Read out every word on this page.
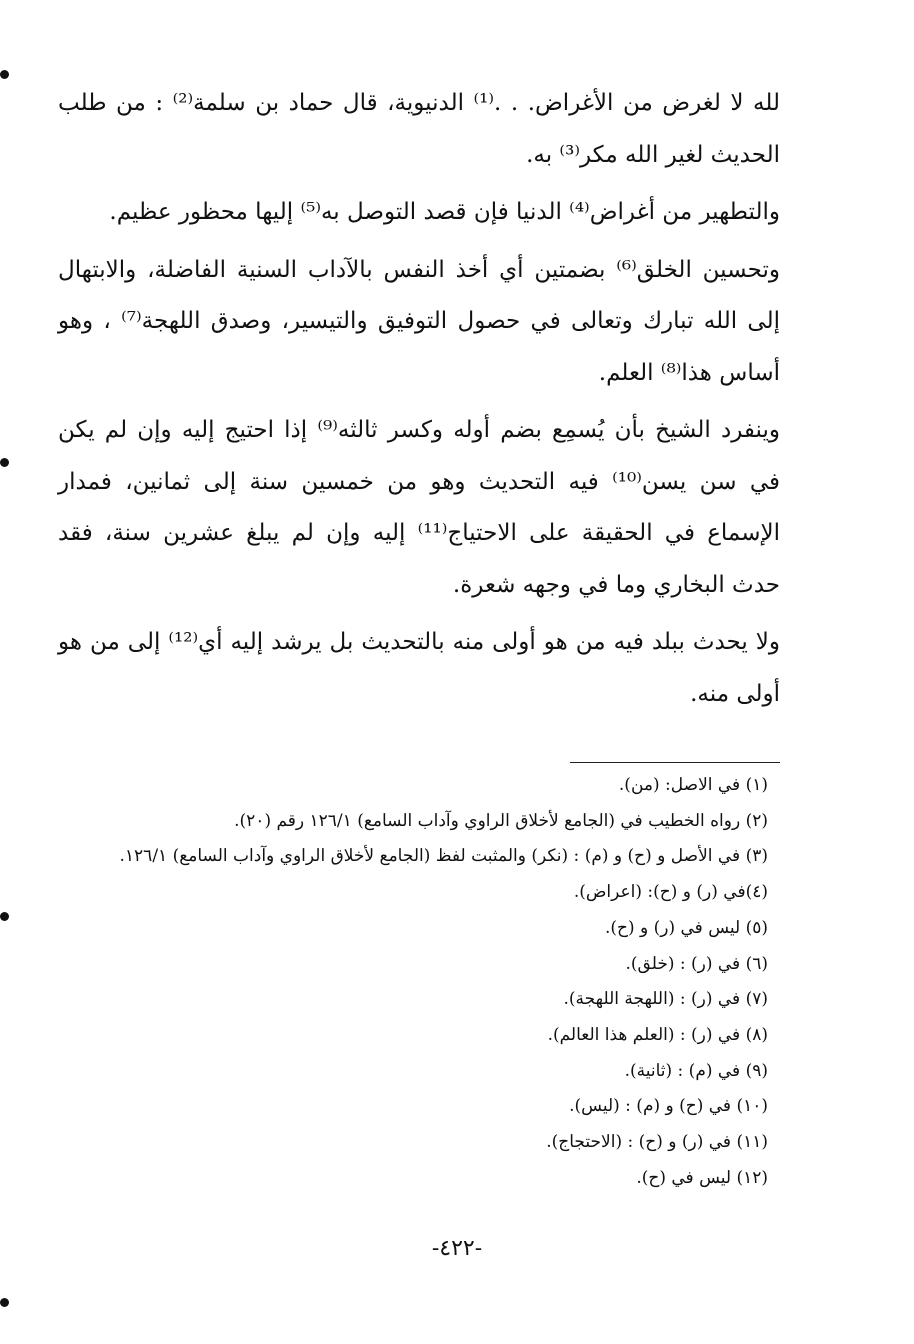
لله لا لغرض من الأغراض. . .⁽¹⁾ الدنيوية، قال حماد بن سلمة⁽²⁾ : من طلب الحديث لغير الله مكر⁽³⁾ به.

والتطهير من أغراض⁽⁴⁾ الدنيا فإن قصد التوصل به⁽⁵⁾ إليها محظور عظيم.

وتحسين الخلق⁽⁶⁾ بضمتين أي أخذ النفس بالآداب السنية الفاضلة، والابتهال إلى الله تبارك وتعالى في حصول التوفيق والتيسير، وصدق اللهجة⁽⁷⁾ ، وهو أساس هذا⁽⁸⁾ العلم.

وينفرد الشيخ بأن يُسمِع بضم أوله وكسر ثالثه⁽⁹⁾ إذا احتيج إليه وإن لم يكن في سن يسن⁽¹⁰⁾ فيه التحديث وهو من خمسين سنة إلى ثمانين، فمدار الإسماع في الحقيقة على الاحتياج⁽¹¹⁾ إليه وإن لم يبلغ عشرين سنة، فقد حدث البخاري وما في وجهه شعرة.

ولا يحدث ببلد فيه من هو أولى منه بالتحديث بل يرشد إليه أي⁽¹²⁾ إلى من هو أولى منه.

(١) في الاصل: (من).

(٢) رواه الخطيب في (الجامع لأخلاق الراوي وآداب السامع) ١٢٦/١ رقم (٢٠).

(٣) في الأصل و (ح) و (م) : (نكر) والمثبت لفظ (الجامع لأخلاق الراوي وآداب السامع) ١٢٦/١.

(٤)في (ر) و (ح): (اعراض).

(٥) ليس في (ر) و (ح).

(٦) في (ر) : (خلق).

(٧) في (ر) : (اللهجة اللهجة).

(٨) في (ر) : (العلم هذا العالم).

(٩) في (م) : (ثانية).

(١٠) في (ح) و (م) : (ليس).

(١١) في (ر) و (ح) : (الاحتجاج).

(١٢) ليس في (ح).

-٤٢٢-
